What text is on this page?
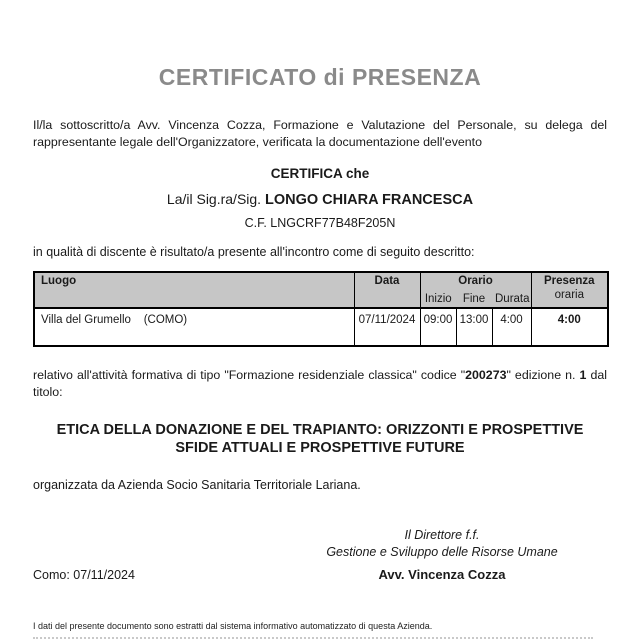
CERTIFICATO di PRESENZA
Il/la sottoscritto/a Avv. Vincenza Cozza, Formazione e Valutazione del Personale, su delega del rappresentante legale dell'Organizzatore, verificata la documentazione dell'evento
CERTIFICA che
La/il Sig.ra/Sig. LONGO CHIARA FRANCESCA
C.F. LNGCRF77B48F205N
in qualità di discente è risultato/a presente all'incontro come di seguito descritto:
Luogo	Data	Orario			Presenza
oraria

		Inizio	Fine	Durata	
Villa del Grumello    (COMO)	07/11/2024	09:00	13:00	4:00	4:00
relativo all'attività formativa di tipo "Formazione residenziale classica" codice "200273" edizione n. 1 dal titolo:
ETICA DELLA DONAZIONE E DEL TRAPIANTO: ORIZZONTI E PROSPETTIVE
SFIDE ATTUALI E PROSPETTIVE FUTURE
organizzata da Azienda Socio Sanitaria Territoriale Lariana.
Il Direttore f.f.
Gestione e Sviluppo delle Risorse Umane
Como: 07/11/2024	Avv. Vincenza Cozza
I dati del presente documento sono estratti dal sistema informativo automatizzato di questa Azienda.
